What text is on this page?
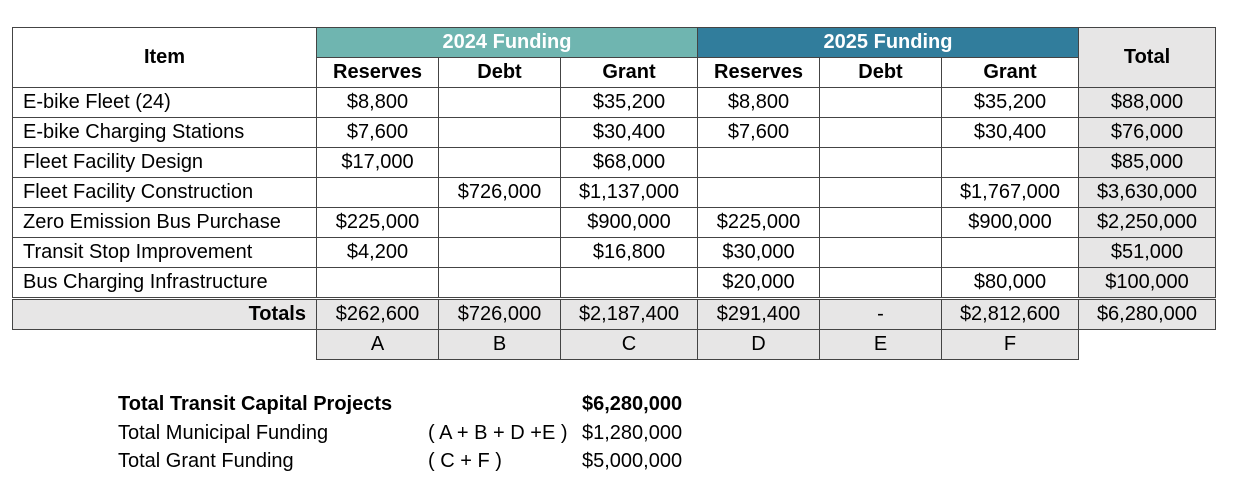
Item	2024 Funding			2025 Funding			Total
	Reserves	Debt	Grant	Reserves	Debt	Grant	
E-bike Fleet (24)	$8,800		$35,200	$8,800		$35,200	$88,000
E-bike Charging Stations	$7,600		$30,400	$7,600		$30,400	$76,000
Fleet Facility Design	$17,000		$68,000				$85,000
Fleet Facility Construction		$726,000	$1,137,000			$1,767,000	$3,630,000
Zero Emission Bus Purchase	$225,000		$900,000	$225,000		$900,000	$2,250,000
Transit Stop Improvement	$4,200		$16,800	$30,000			$51,000
Bus Charging Infrastructure				$20,000		$80,000	$100,000
Totals	$262,600	$726,000	$2,187,400	$291,400	-	$2,812,600	$6,280,000
	A	B	C	D	E	F	
Total Transit Capital Projects	$6,280,000
Total Municipal Funding	( A + B + D +E ) $1,280,000
Total Grant Funding	( C + F )	$5,000,000
